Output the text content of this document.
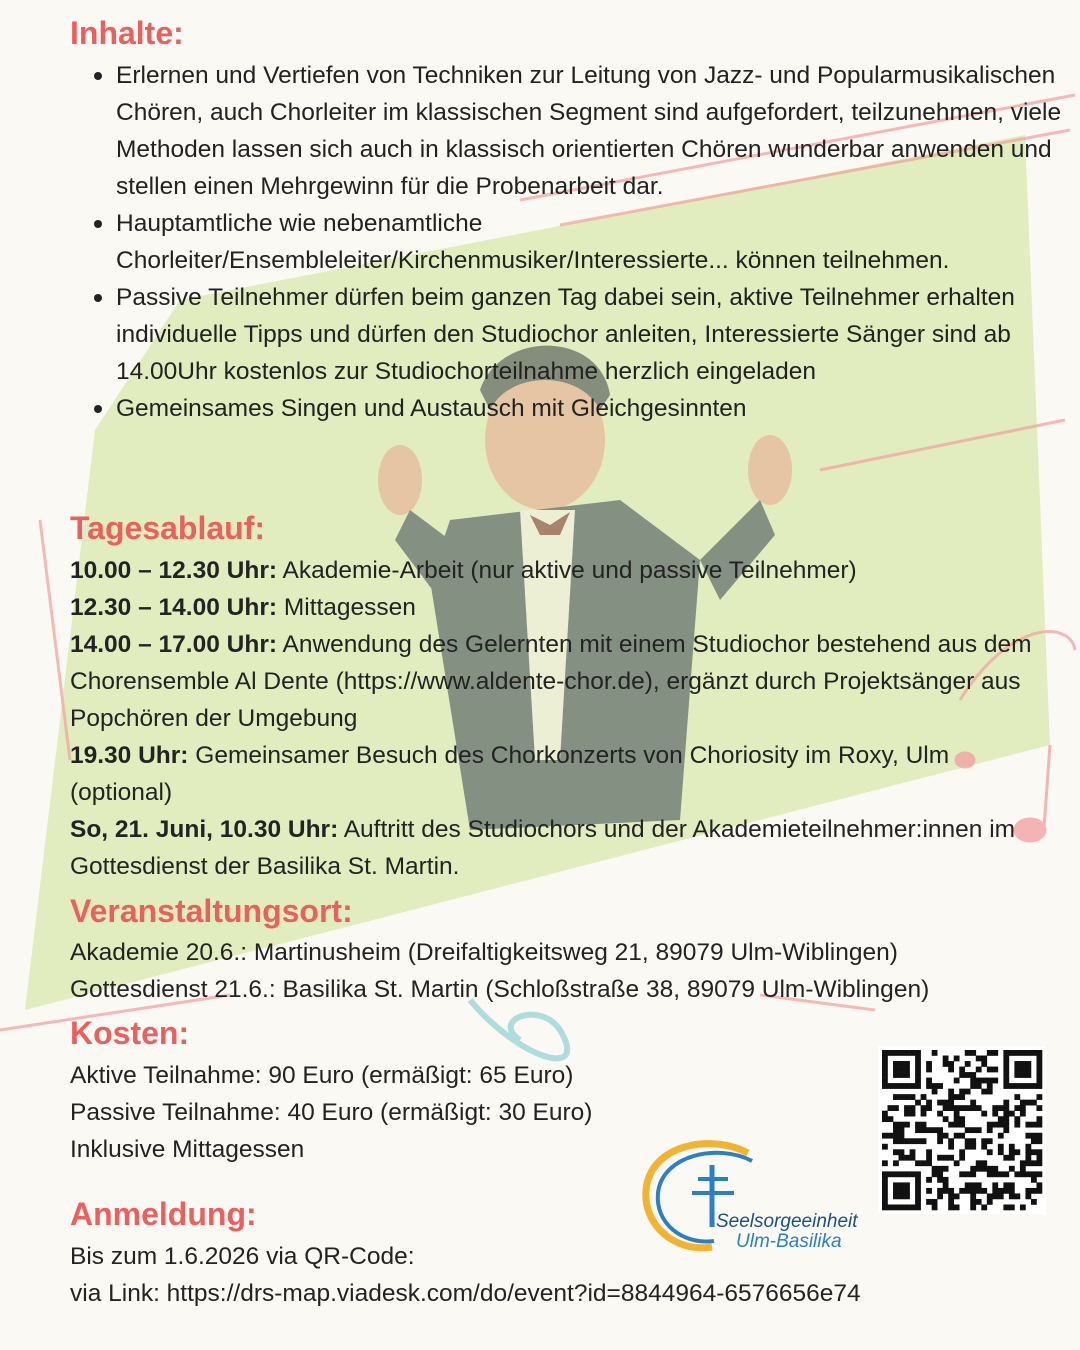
Inhalte:
Erlernen und Vertiefen von Techniken zur Leitung von Jazz- und Popularmusikalischen Chören, auch Chorleiter im klassischen Segment sind aufgefordert, teilzunehmen, viele Methoden lassen sich auch in klassisch orientierten Chören wunderbar anwenden und stellen einen Mehrgewinn für die Probenarbeit dar.
Hauptamtliche wie nebenamtliche Chorleiter/Ensembleleiter/Kirchenmusiker/Interessierte... können teilnehmen.
Passive Teilnehmer dürfen beim ganzen Tag dabei sein, aktive Teilnehmer erhalten individuelle Tipps und dürfen den Studiochor anleiten, Interessierte Sänger sind ab 14.00Uhr kostenlos zur Studiochorteilnahme herzlich eingeladen
Gemeinsames Singen und Austausch mit Gleichgesinnten
Tagesablauf:

10.00 – 12.30 Uhr: Akademie-Arbeit (nur aktive und passive Teilnehmer)

12.30 – 14.00 Uhr: Mittagessen

14.00 – 17.00 Uhr: Anwendung des Gelernten mit einem Studiochor bestehend aus dem Chorensemble Al Dente (https://www.aldente-chor.de), ergänzt durch Projektsänger aus Popchören der Umgebung

19.30 Uhr: Gemeinsamer Besuch des Chorkonzerts von Choriosity im Roxy, Ulm (optional)

So, 21. Juni, 10.30 Uhr: Auftritt des Studiochors und der Akademieteilnehmer:innen im Gottesdienst der Basilika St. Martin.

Veranstaltungsort:

Akademie 20.6.: Martinusheim (Dreifaltigkeitsweg 21, 89079 Ulm-Wiblingen)

Gottesdienst 21.6.: Basilika St. Martin (Schloßstraße 38, 89079 Ulm-Wiblingen)

Kosten:

Aktive Teilnahme: 90 Euro (ermäßigt: 65 Euro)

Passive Teilnahme: 40 Euro (ermäßigt: 30 Euro)

Inklusive Mittagessen

Anmeldung:

Bis zum 1.6.2026 via QR-Code:

via Link: https://drs-map.viadesk.com/do/event?id=8844964-6576656e74

Seelsorgeeinheit
Ulm-Basilika
